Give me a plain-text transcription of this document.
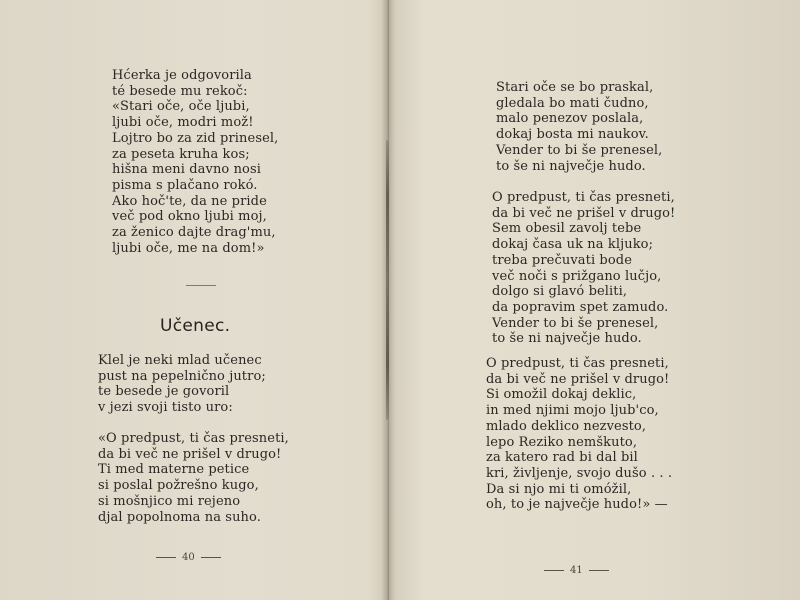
Hćerka je odgovorila
té besede mu rekoč:
«Stari oče, oče ljubi,
ljubi oče, modri mož!
Lojtro bo za zid prinesel,
za peseta kruha kos;
hišna meni davno nosi
pisma s plačano rokó.
Ako hoč'te, da ne pride
več pod okno ljubi moj,
za ženico dajte drag'mu,
ljubi oče, me na dom!»
Učenec.
Klel je neki mlad učenec
pust na pepelnično jutro;
te besede je govoril
v jezi svoji tisto uro:
«O predpust, ti čas presneti,
da bi več ne prišel v drugo!
Ti med materne petice
si poslal požrešno kugo,
si mošnjico mi rejeno
djal popolnoma na suho.
40
Stari oče se bo praskal,
gledala bo mati čudno,
malo penezov poslala,
dokaj bosta mi naukov.
Vender to bi še prenesel,
to še ni največje hudo.
O predpust, ti čas presneti,
da bi več ne prišel v drugo!
Sem obesil zavolj tebe
dokaj časa uk na kljuko;
treba prečuvati bode
več noči s prižgano lučjo,
dolgo si glavó beliti,
da popravim spet zamudo.
Vender to bi še prenesel,
to še ni največje hudo.
O predpust, ti čas presneti,
da bi več ne prišel v drugo!
Si omožil dokaj deklic,
in med njimi mojo ljub'co,
mlado deklico nezvesto,
lepo Reziko nemškuto,
za katero rad bi dal bil
kri, življenje, svojo dušo . . .
Da si njo mi ti omóžil,
oh, to je največje hudo!» —
41
